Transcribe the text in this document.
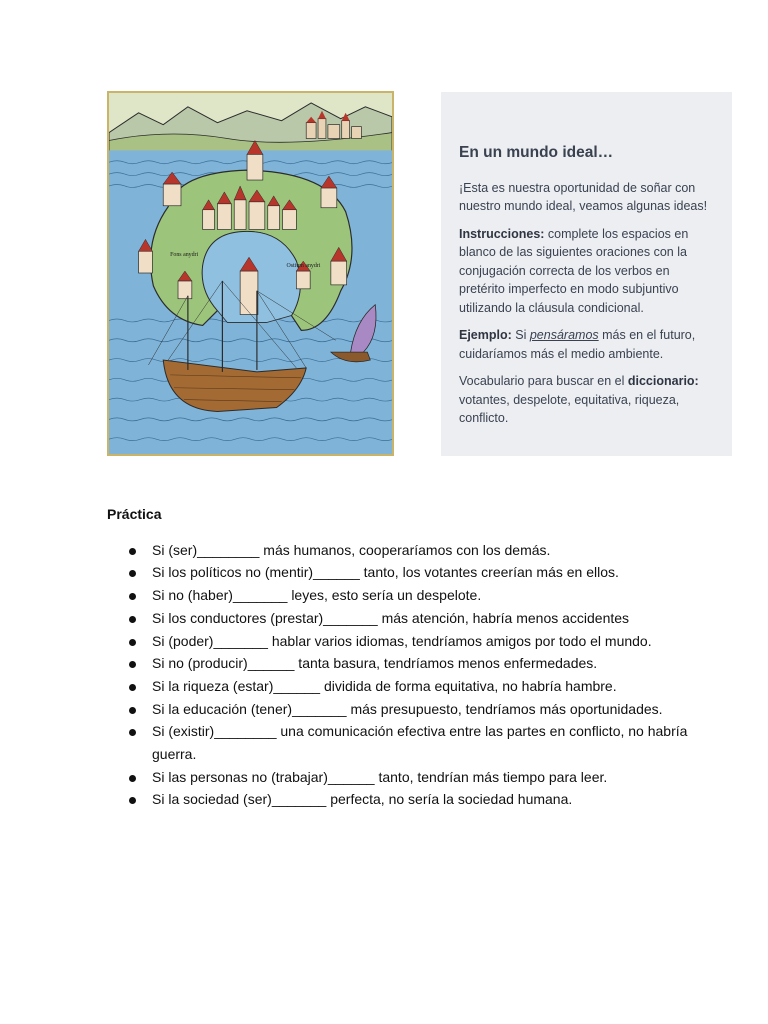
Fons anydri
Ostium anydri
En un mundo ideal…

¡Esta es nuestra oportunidad de soñar con nuestro mundo ideal, veamos algunas ideas!

Instrucciones: complete los espacios en blanco de las siguientes oraciones con la conjugación correcta de los verbos en pretérito imperfecto en modo subjuntivo utilizando la cláusula condicional.

Ejemplo: Si pensáramos más en el futuro, cuidaríamos más el medio ambiente.

Vocabulario para buscar en el diccionario: votantes, despelote, equitativa, riqueza, conflicto.

Práctica
Si (ser)________ más humanos, cooperaríamos con los demás.
Si los políticos no (mentir)______ tanto, los votantes creerían más en ellos.
Si no (haber)_______ leyes, esto sería un despelote.
Si los conductores (prestar)_______ más atención, habría menos accidentes
Si (poder)_______ hablar varios idiomas, tendríamos amigos por todo el mundo.
Si no (producir)______ tanta basura, tendríamos menos enfermedades.
Si la riqueza (estar)______ dividida de forma equitativa, no habría hambre.
Si la educación (tener)_______ más presupuesto, tendríamos más oportunidades.
Si (existir)________ una comunicación efectiva entre las partes en conflicto, no habría guerra.
Si las personas no (trabajar)______ tanto, tendrían más tiempo para leer.
Si la sociedad (ser)_______ perfecta, no sería la sociedad humana.
